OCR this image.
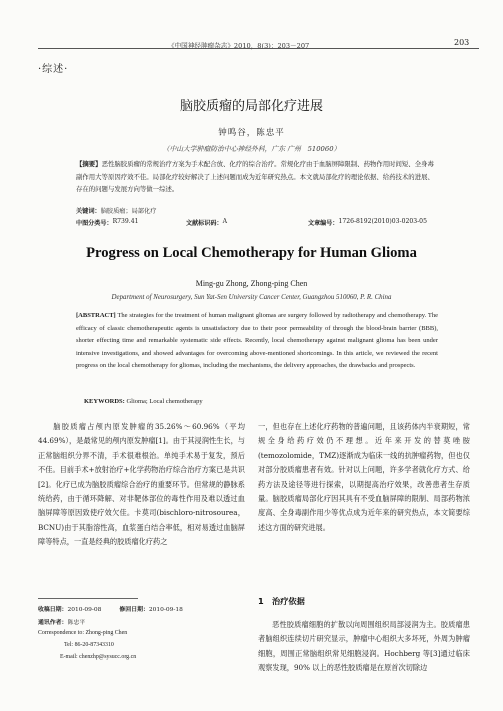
《中国神经肿瘤杂志》2010，8(3)：203－207	203
·综述·
脑胶质瘤的局部化疗进展
钟鸣谷，陈忠平
（中山大学肿瘤防治中心神经外科，广东 广州　510060）
【摘要】恶性脑胶质瘤的常规治疗方案为手术配合放、化疗的综合治疗。常规化疗由于血脑屏障限制、药物作用时间短、全身毒副作用大等原因疗效不佳。局部化疗较好解决了上述问题而成为近年研究热点。本文就局部化疗的理论依据、给药技术的进展、存在的问题与发展方向等做一综述。
关键词：脑胶质瘤；局部化疗
中图分类号： R739.41	文献标识码： A	文章编号： 1726-8192(2010)03-0203-05
Progress on Local Chemotherapy for Human Glioma
Ming-gu Zhong, Zhong-ping Chen
Department of Neurosurgery, Sun Yat-Sen University Cancer Center, Guangzhou 510060, P. R. China
[ABSTRACT] The strategies for the treatment of human malignant gliomas are surgery followed by radiotherapy and chemotherapy. The efficacy of classic chemotherapeutic agents is unsatisfactory due to their poor permeability of through the blood-brain barrier (BBB), shorter effecting time and remarkable systematic side effects. Recently, local chemotherapy against malignant glioma has been under intensive investigations, and showed advantages for overcoming above-mentioned shortcomings. In this article, we reviewed the recent progress on the local chemotherapy for gliomas, including the mechanisms, the delivery approaches, the drawbacks and prospects.
KEYWORDS: Glioma; Local chemotherapy
脑胶质瘤占颅内原发肿瘤的35.26%～60.96%（平均44.69%），是最常见的颅内原发肿瘤[1]。由于其浸润性生长，与正常脑组织分界不清，手术很难根治。单纯手术易于复发，预后不佳。目前手术+放射治疗+化学药物治疗综合治疗方案已是共识[2]。化疗已成为脑胶质瘤综合治疗的重要环节。但常规的静脉系统给药，由于循环降解、对非靶体部位的毒性作用及难以透过血脑屏障等原因致使疗效欠佳。卡莫司(bischloro-nitrosourea，BCNU)由于其脂溶性高，血浆蛋白结合率低，相对易透过血脑屏障等特点，一直是经典的胶质瘤化疗药之
一，但也存在上述化疗药物的普遍问题，且该药体内半衰期短，常规全身给药疗效仍不理想。近年来开发的替莫唑胺(temozolomide，TMZ)逐渐成为临床一线的抗肿瘤药物，但也仅对部分胶质瘤患者有效。针对以上问题，许多学者就化疗方式、给药方法及途径等进行探索，以期提高治疗效果，改善患者生存质量。脑胶质瘤局部化疗因其具有不受血脑屏障的限制、局部药物浓度高、全身毒副作用少等优点成为近年来的研究热点，本文简要综述这方面的研究进展。
1 治疗依据
恶性胶质瘤细胞的扩散以向周围组织局部浸润为主。胶质瘤患者脑组织连续切片研究显示，肿瘤中心组织大多坏死，外周为肿瘤细胞，周围正常脑组织常见细胞浸润。Hochberg 等[3]通过临床观察发现，90% 以上的恶性胶质瘤是在原首次切除边
收稿日期：2010-09-08	修回日期：2010-09-18
通讯作者：陈忠平
Correspondence to: Zhong-ping Chen
Tel: 86-20-87343310
E-mail: chenzhp@sysucc.org.cn
